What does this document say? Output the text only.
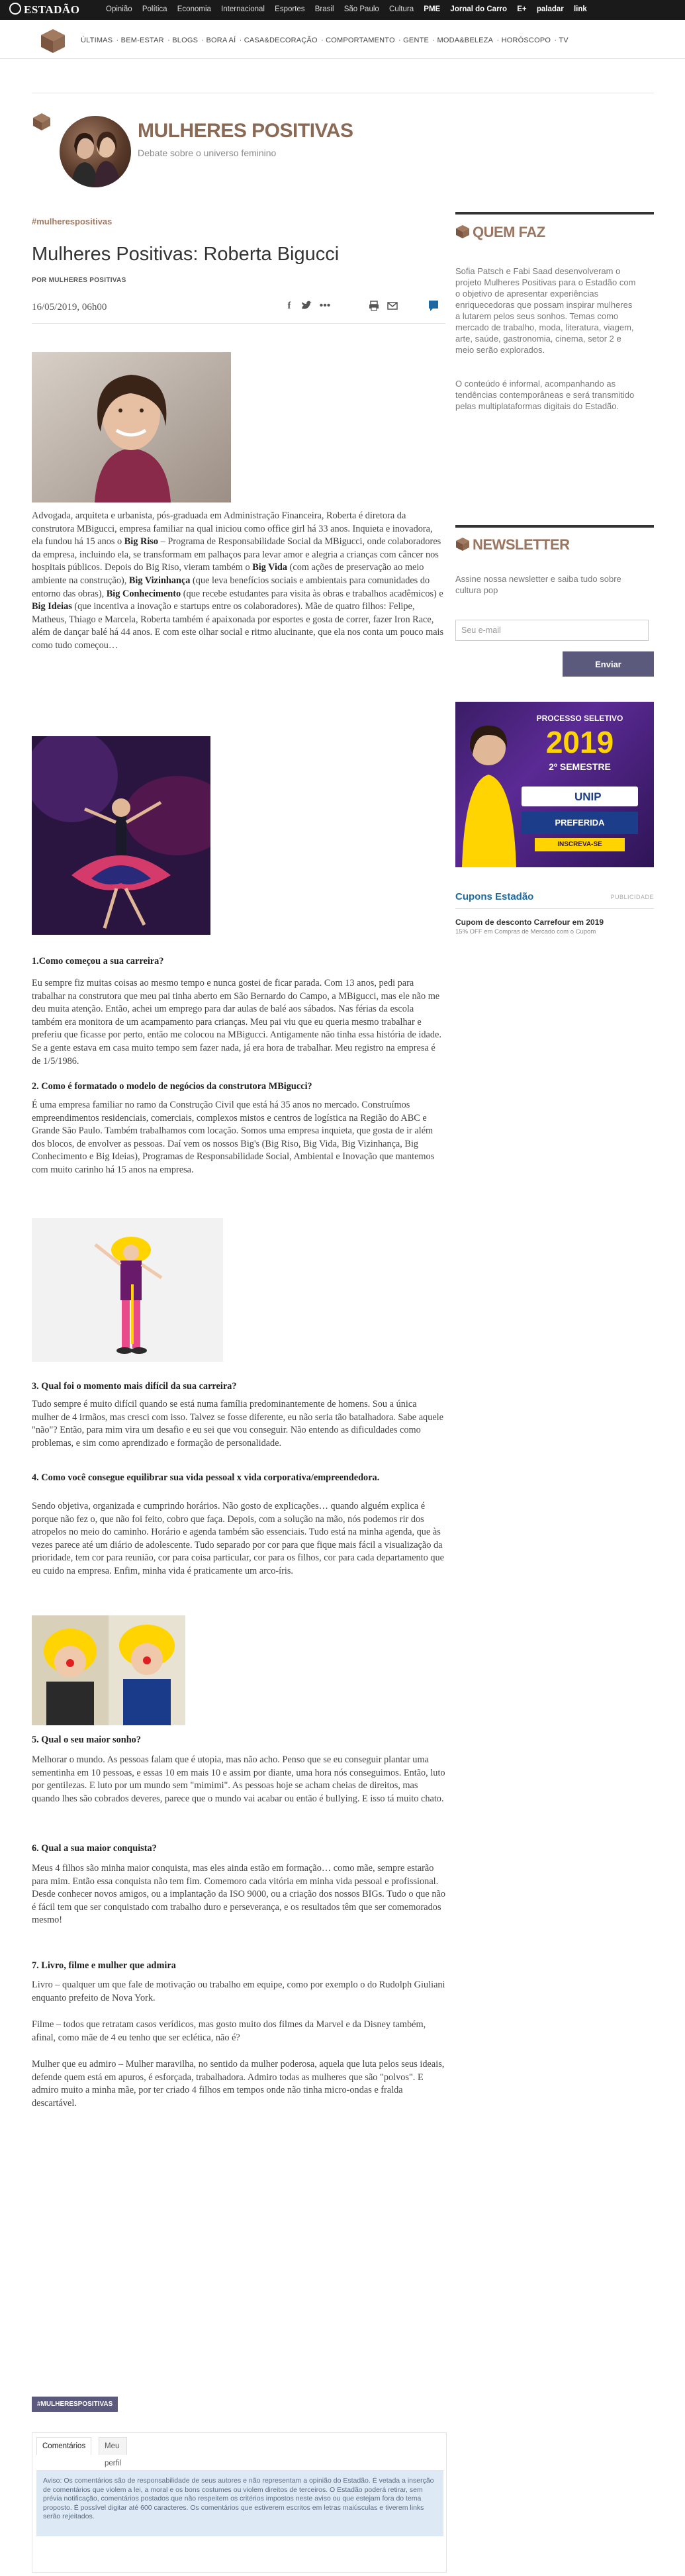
ESTADÃO	Opinião Política Economia Internacional Esportes Brasil São Paulo Cultura PME Jornal do Carro E+ paladar link
ÚLTIMAS · BEM-ESTAR · BLOGS · BORA AÍ · CASA&DECORAÇÃO · COMPORTAMENTO · GENTE · MODA&BELEZA · HORÓSCOPO · TV
MULHERES POSITIVAS
Debate sobre o universo feminino
#mulherespositivas
Mulheres Positivas: Roberta Bigucci
POR MULHERES POSITIVAS
16/05/2019, 06h00	f	•••

Advogada, arquiteta e urbanista, pós-graduada em Administração Financeira, Roberta é diretora da construtora MBigucci, empresa familiar na qual iniciou como office girl há 33 anos. Inquieta e inovadora, ela fundou há 15 anos o Big Riso – Programa de Responsabilidade Social da MBigucci, onde colaboradores da empresa, incluindo ela, se transformam em palhaços para levar amor e alegria a crianças com câncer nos hospitais públicos. Depois do Big Riso, vieram também o Big Vida (com ações de preservação ao meio ambiente na construção), Big Vizinhança (que leva benefícios sociais e ambientais para comunidades do entorno das obras), Big Conhecimento (que recebe estudantes para visita às obras e trabalhos acadêmicos) e Big Ideias (que incentiva a inovação e startups entre os colaboradores). Mãe de quatro filhos: Felipe, Matheus, Thiago e Marcela, Roberta também é apaixonada por esportes e gosta de correr, fazer Iron Race, além de dançar balé há 44 anos. E com este olhar social e ritmo alucinante, que ela nos conta um pouco mais como tudo começou…

1.Como começou a sua carreira?

Eu sempre fiz muitas coisas ao mesmo tempo e nunca gostei de ficar parada. Com 13 anos, pedi para trabalhar na construtora que meu pai tinha aberto em São Bernardo do Campo, a MBigucci, mas ele não me deu muita atenção. Então, achei um emprego para dar aulas de balé aos sábados. Nas férias da escola também era monitora de um acampamento para crianças. Meu pai viu que eu queria mesmo trabalhar e preferiu que ficasse por perto, então me colocou na MBigucci. Antigamente não tinha essa história de idade. Se a gente estava em casa muito tempo sem fazer nada, já era hora de trabalhar. Meu registro na empresa é de 1/5/1986.

2. Como é formatado o modelo de negócios da construtora MBigucci?

É uma empresa familiar no ramo da Construção Civil que está há 35 anos no mercado. Construímos empreendimentos residenciais, comerciais, complexos mistos e centros de logística na Região do ABC e Grande São Paulo. Também trabalhamos com locação. Somos uma empresa inquieta, que gosta de ir além dos blocos, de envolver as pessoas. Daí vem os nossos Big's (Big Riso, Big Vida, Big Vizinhança, Big Conhecimento e Big Ideias), Programas de Responsabilidade Social, Ambiental e Inovação que mantemos com muito carinho há 15 anos na empresa.

3. Qual foi o momento mais difícil da sua carreira?

Tudo sempre é muito difícil quando se está numa família predominantemente de homens. Sou a única mulher de 4 irmãos, mas cresci com isso. Talvez se fosse diferente, eu não seria tão batalhadora. Sabe aquele "não"? Então, para mim vira um desafio e eu sei que vou conseguir. Não entendo as dificuldades como problemas, e sim como aprendizado e formação de personalidade.

4. Como você consegue equilibrar sua vida pessoal x vida corporativa/empreendedora.

Sendo objetiva, organizada e cumprindo horários. Não gosto de explicações… quando alguém explica é porque não fez o, que não foi feito, cobro que faça. Depois, com a solução na mão, nós podemos rir dos atropelos no meio do caminho. Horário e agenda também são essenciais. Tudo está na minha agenda, que às vezes parece até um diário de adolescente. Tudo separado por cor para que fique mais fácil a visualização da prioridade, tem cor para reunião, cor para coisa particular, cor para os filhos, cor para cada departamento que eu cuido na empresa. Enfim, minha vida é praticamente um arco-íris.

5. Qual o seu maior sonho?

Melhorar o mundo. As pessoas falam que é utopia, mas não acho. Penso que se eu conseguir plantar uma sementinha em 10 pessoas, e essas 10 em mais 10 e assim por diante, uma hora nós conseguimos. Então, luto por gentilezas. E luto por um mundo sem "mimimi". As pessoas hoje se acham cheias de direitos, mas quando lhes são cobrados deveres, parece que o mundo vai acabar ou então é bullying. E isso tá muito chato.

6. Qual a sua maior conquista?

Meus 4 filhos são minha maior conquista, mas eles ainda estão em formação… como mãe, sempre estarão para mim. Então essa conquista não tem fim. Comemoro cada vitória em minha vida pessoal e profissional. Desde conhecer novos amigos, ou a implantação da ISO 9000, ou a criação dos nossos BIGs. Tudo o que não é fácil tem que ser conquistado com trabalho duro e perseverança, e os resultados têm que ser comemorados mesmo!

7. Livro, filme e mulher que admira

Livro – qualquer um que fale de motivação ou trabalho em equipe, como por exemplo o do Rudolph Giuliani enquanto prefeito de Nova York.

Filme – todos que retratam casos verídicos, mas gosto muito dos filmes da Marvel e da Disney também, afinal, como mãe de 4 eu tenho que ser eclética, não é?

Mulher que eu admiro – Mulher maravilha, no sentido da mulher poderosa, aquela que luta pelos seus ideais, defende quem está em apuros, é esforçada, trabalhadora. Admiro todas as mulheres que são "polvos". E admiro muito a minha mãe, por ter criado 4 filhos em tempos onde não tinha micro-ondas e fralda descartável.

#MULHERESPOSITIVAS
Comentários	Meu perfil
Aviso: Os comentários são de responsabilidade de seus autores e não representam a opinião do Estadão. É vetada a inserção de comentários que violem a lei, a moral e os bons costumes ou violem direitos de terceiros. O Estadão poderá retirar, sem prévia notificação, comentários postados que não respeitem os critérios impostos neste aviso ou que estejam fora do tema proposto. É possível digitar até 600 caracteres. Os comentários que estiverem escritos em letras maiúsculas e tiverem links serão rejeitados.
QUEM FAZ

Sofia Patsch e Fabi Saad desenvolveram o projeto Mulheres Positivas para o Estadão com o objetivo de apresentar experiências enriquecedoras que possam inspirar mulheres a lutarem pelos seus sonhos. Temas como mercado de trabalho, moda, literatura, viagem, arte, saúde, gastronomia, cinema, setor 2 e meio serão explorados.

O conteúdo é informal, acompanhando as tendências contemporâneas e será transmitido pelas multiplataformas digitais do Estadão.

NEWSLETTER

Assine nossa newsletter e saiba tudo sobre cultura pop

Seu e-mail
Enviar
PROCESSO SELETIVO
2019
2º SEMESTRE
UNIP
PREFERIDA
INSCREVA-SE
Cupons Estadão	PUBLICIDADE
Cupom de desconto Carrefour em 2019
15% OFF em Compras de Mercado com o Cupom
